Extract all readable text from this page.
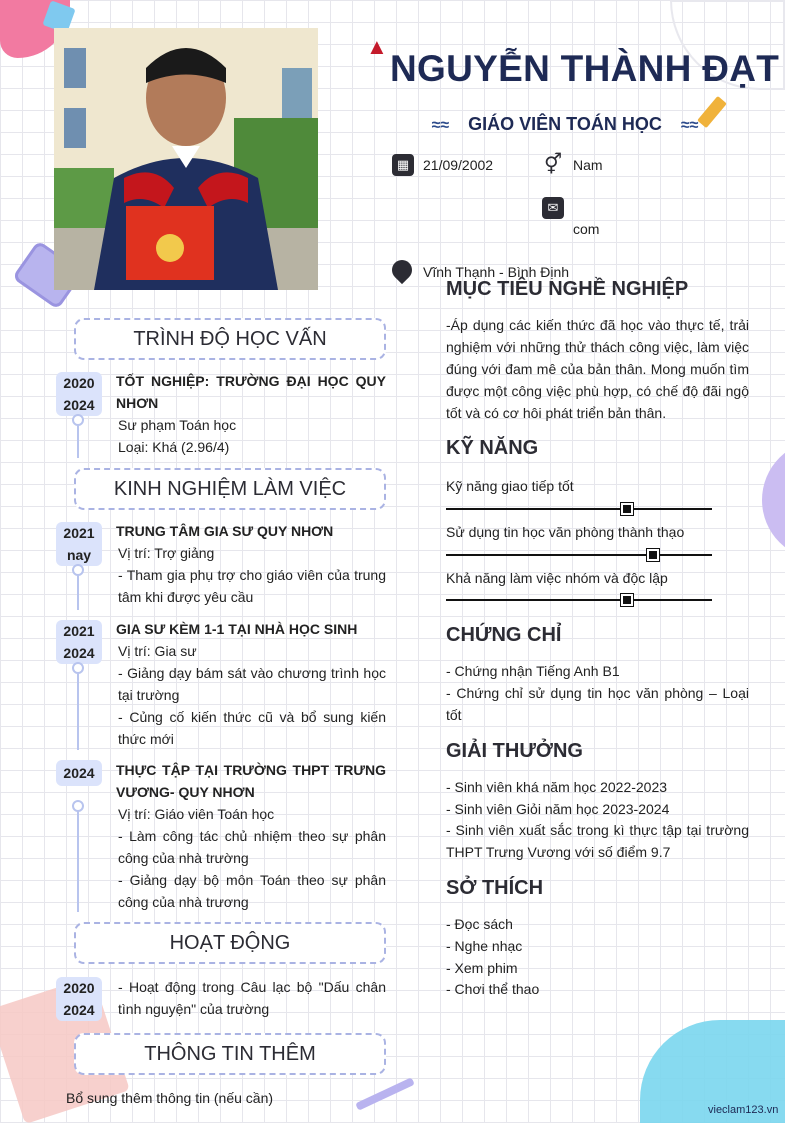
▲
NGUYỄN THÀNH ĐẠT
≈≈ GIÁO VIÊN TOÁN HỌC ≈≈
▦ 21/09/2002	⚥ Nam
✉
com
Vĩnh Thạnh - Bình Định
TRÌNH ĐỘ HỌC VẤN
2020
2024
TỐT NGHIỆP: TRƯỜNG ĐẠI HỌC QUY NHƠN
Sư phạm Toán học
Loại: Khá (2.96/4)
KINH NGHIỆM LÀM VIỆC
2021
nay
TRUNG TÂM GIA SƯ QUY NHƠN
Vị trí: Trợ giảng
- Tham gia phụ trợ cho giáo viên của trung tâm khi được yêu cầu
2021
2024
GIA SƯ KÈM 1-1 TẠI NHÀ HỌC SINH
Vị trí: Gia sư
- Giảng dạy bám sát vào chương trình học tại trường
- Củng cố kiến thức cũ và bổ sung kiến thức mới
2024	THỰC TẬP TẠI TRƯỜNG THPT TRƯNG VƯƠNG- QUY NHƠN
Vị trí: Giáo viên Toán học
- Làm công tác chủ nhiệm theo sự phân công của nhà trường
- Giảng dạy bộ môn Toán theo sự phân công của nhà trương
HOẠT ĐỘNG
2020
2024
- Hoạt động trong Câu lạc bộ "Dấu chân tình nguyện" của trường
THÔNG TIN THÊM
Bổ sung thêm thông tin (nếu cần)
MỤC TIÊU NGHỀ NGHIỆP
-Áp dụng các kiến thức đã học vào thực tế, trải nghiệm với những thử thách công việc, làm việc đúng với đam mê của bản thân. Mong muốn tìm được một công việc phù hợp, có chế độ đãi ngộ tốt và có cơ hôi phát triển bản thân.
KỸ NĂNG
Kỹ năng giao tiếp tốt
Sử dụng tin học văn phòng thành thạo
Khả năng làm việc nhóm và độc lập
CHỨNG CHỈ
- Chứng nhận Tiếng Anh B1
- Chứng chỉ sử dụng tin học văn phòng – Loại tốt
GIẢI THƯỞNG
- Sinh viên khá năm học 2022-2023
- Sinh viên Giỏi năm học 2023-2024
- Sinh viên xuất sắc trong kì thực tập tại trường THPT Trưng Vương với số điểm 9.7
SỞ THÍCH
- Đọc sách
- Nghe nhạc
- Xem phim
- Chơi thể thao
vieclam123.vn
